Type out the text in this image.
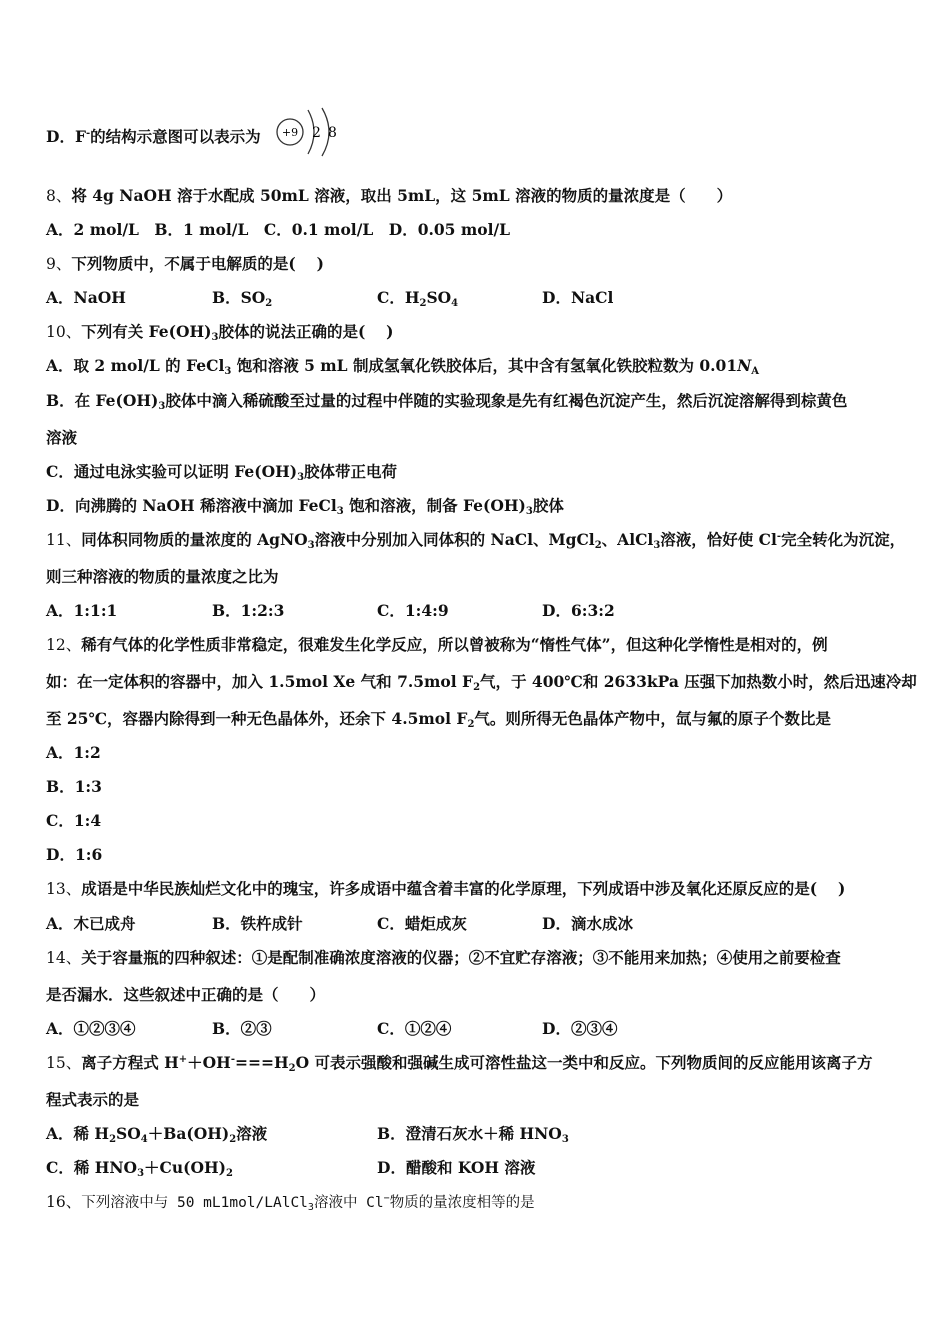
D．F-的结构示意图可以表示为 +9 2 8
8、将 4g NaOH 溶于水配成 50mL 溶液，取出 5mL，这 5mL 溶液的物质的量浓度是（　　）
A．2 mol/L　B．1 mol/L　C．0.1 mol/L　D．0.05 mol/L
9、下列物质中，不属于电解质的是(　 )
A．NaOH	B．$SO_2$	C．$H_2SO_4$	D．NaCl
10、下列有关 $Fe(OH)_3$胶体的说法正确的是(　 )
A．取 2 mol/L 的 FeCl$_3$ 饱和溶液 5 mL 制成氢氧化铁胶体后，其中含有氢氧化铁胶粒数为 $0.01N_A$
B．在 $Fe(OH)_3$胶体中滴入稀硫酸至过量的过程中伴随的实验现象是先有红褐色沉淀产生，然后沉淀溶解得到棕黄色
溶液
C．通过电泳实验可以证明 $Fe(OH)_3$胶体带正电荷
D．向沸腾的 NaOH 稀溶液中滴加 FeCl$_3$ 饱和溶液，制备 $Fe(OH)_3$胶体
11、同体积同物质的量浓度的 AgNO$_3$溶液中分别加入同体积的 NaCl、MgCl$_2$、AlCl$_3$溶液，恰好使 Cl-完全转化为沉淀，
则三种溶液的物质的量浓度之比为
A．1:1:1	B．1:2:3	C．1:4:9	D．6:3:2
12、稀有气体的化学性质非常稳定，很难发生化学反应，所以曾被称为“惰性气体”，但这种化学惰性是相对的，例
如：在一定体积的容器中，加入 1.5mol Xe 气和 7.5mol $F_2$气，于 400℃和 2633kPa 压强下加热数小时，然后迅速冷却
至 25℃，容器内除得到一种无色晶体外，还余下 4.5mol $F_2$气。则所得无色晶体产物中，氙与氟的原子个数比是
A．1:2
B．1:3
C．1:4
D．1:6
13、成语是中华民族灿烂文化中的瑰宝，许多成语中蕴含着丰富的化学原理，下列成语中涉及氧化还原反应的是(　 )
A．木已成舟	B．铁杵成针	C．蜡炬成灰	D．滴水成冰
14、关于容量瓶的四种叙述：①是配制准确浓度溶液的仪器；②不宜贮存溶液；③不能用来加热；④使用之前要检查
是否漏水．这些叙述中正确的是（　　）
A．①②③④	B．②③	C．①②④	D．②③④
15、离子方程式 $H^++OH^-===H_2O$ 可表示强酸和强碱生成可溶性盐这一类中和反应。下列物质间的反应能用该离子方
程式表示的是
A．稀 $H_2SO_4+Ba(OH)_2$溶液	B．澄清石灰水＋稀 $HNO_3$
C．稀 $HNO_3+Cu(OH)_2$	D．醋酸和 KOH 溶液
16、下列溶液中与 50 mL1mol/LAlCl$_3$溶液中 Cl−物质的量浓度相等的是
